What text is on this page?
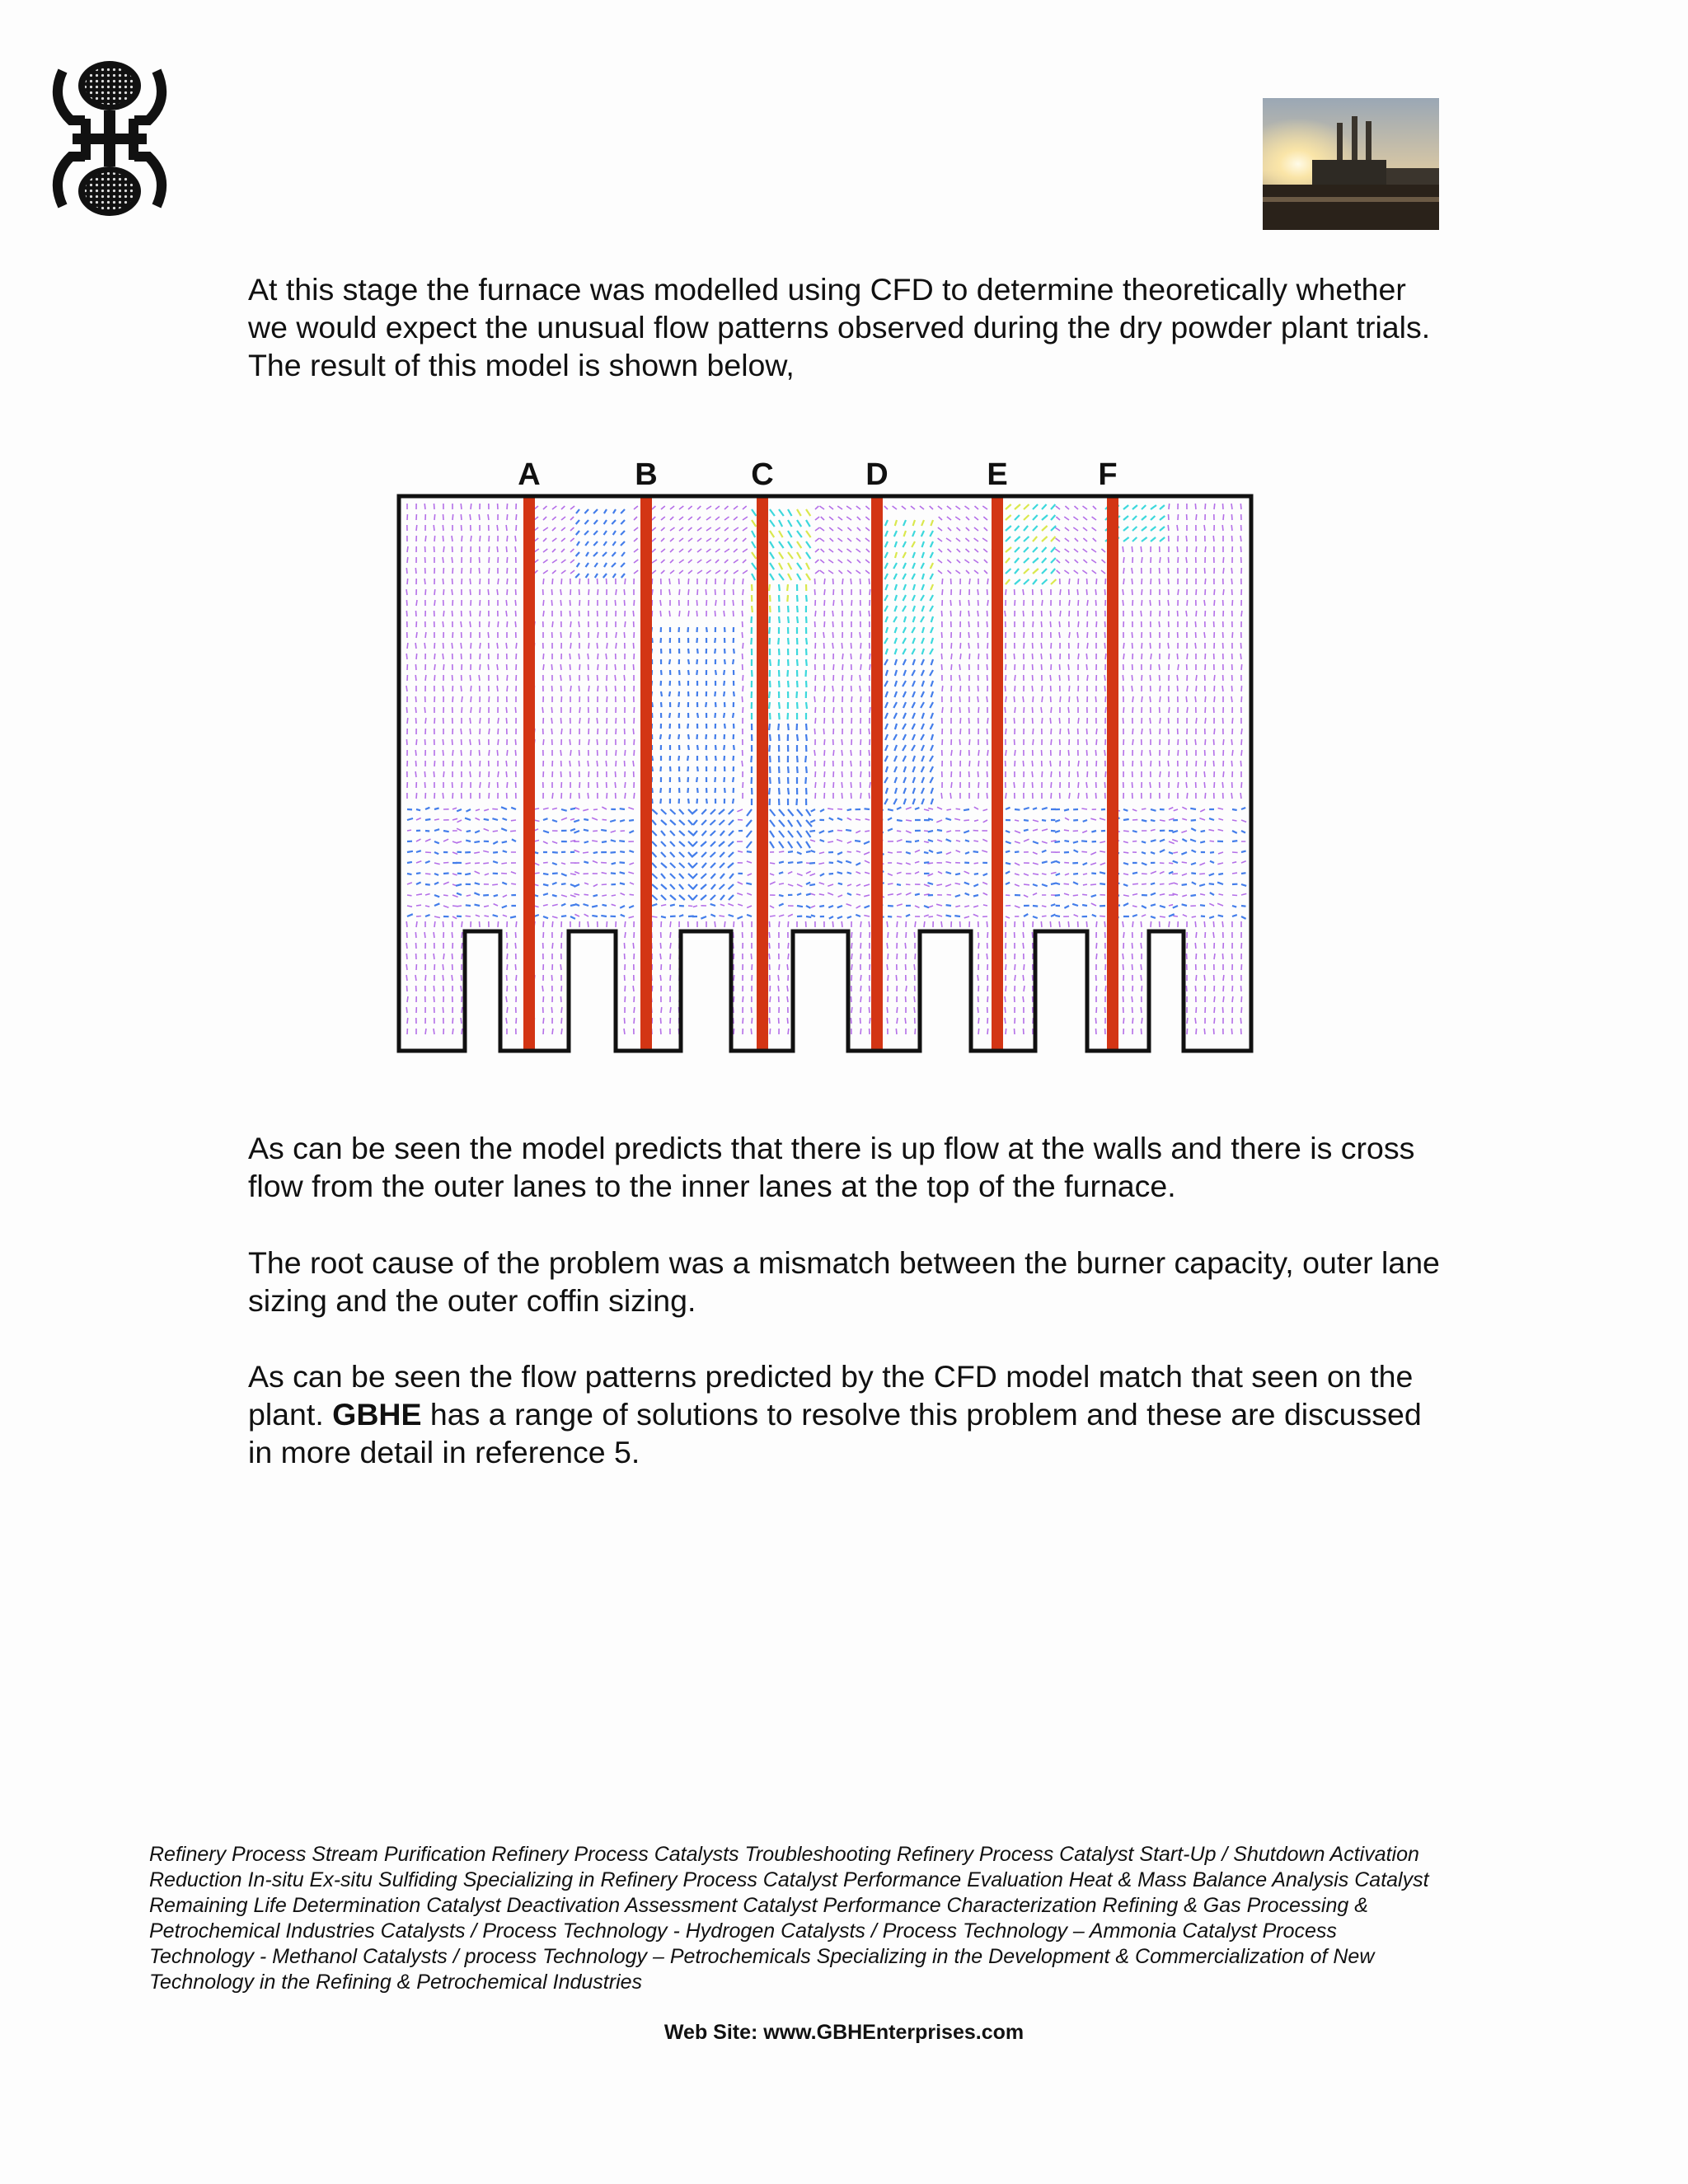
At this stage the furnace was modelled using CFD to determine theoretically whether we would expect the unusual flow patterns observed during the dry powder plant trials. The result of this model is shown below,

A	B	C	D	E	F

As can be seen the model predicts that there is up flow at the walls and there is cross flow from the outer lanes to the inner lanes at the top of the furnace.

The root cause of the problem was a mismatch between the burner capacity, outer lane sizing and the outer coffin sizing.

As can be seen the flow patterns predicted by the CFD model match that seen on the plant. GBHE has a range of solutions to resolve this problem and these are discussed in more detail in reference 5.

Refinery Process Stream Purification Refinery Process Catalysts Troubleshooting Refinery Process Catalyst Start-Up / Shutdown Activation Reduction In-situ Ex-situ Sulfiding Specializing in Refinery Process Catalyst Performance Evaluation Heat & Mass Balance Analysis Catalyst Remaining Life Determination Catalyst Deactivation Assessment Catalyst Performance Characterization Refining & Gas Processing & Petrochemical Industries Catalysts / Process Technology - Hydrogen Catalysts / Process Technology – Ammonia Catalyst Process Technology - Methanol Catalysts / process Technology – Petrochemicals Specializing in the Development & Commercialization of New Technology in the Refining & Petrochemical Industries

Web Site: www.GBHEnterprises.com
